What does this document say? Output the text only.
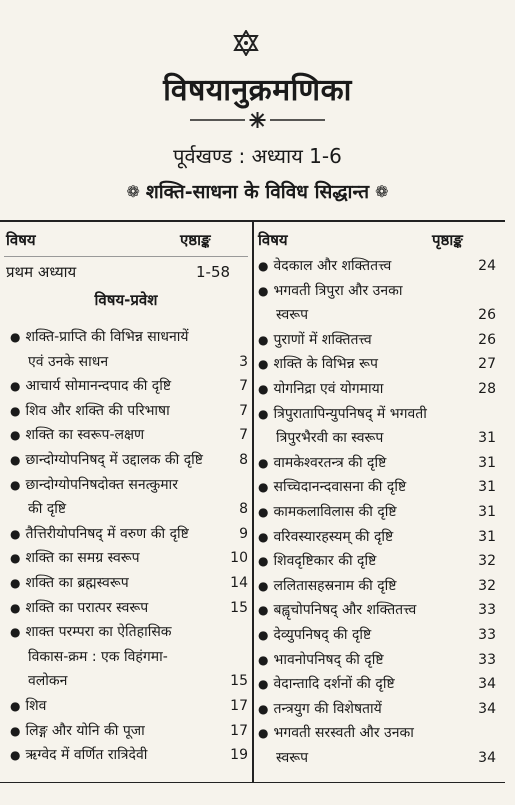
विषयानुक्रमणिका
पूर्वखण्ड : अध्याय 1-6
❁ शक्ति-साधना के विविध सिद्धान्त ❁
विषय	एष्ठाङ्क	विषय	पृष्ठाङ्क
प्रथम अध्याय	1-58
विषय-प्रवेश
● शक्ति-प्राप्ति की विभिन्न साधनायें
एवं उनके साधन	3
● आचार्य सोमानन्दपाद की दृष्टि	7
● शिव और शक्ति की परिभाषा	7
● शक्ति का स्वरूप-लक्षण	7
● छान्दोग्योपनिषद् में उद्दालक की दृष्टि	8
● छान्दोग्योपनिषदोक्त सनत्कुमार
की दृष्टि	8
● तैत्तिरीयोपनिषद् में वरुण की दृष्टि	9
● शक्ति का समग्र स्वरूप	10
● शक्ति का ब्रह्मस्वरूप	14
● शक्ति का परात्पर स्वरूप	15
● शाक्त परम्परा का ऐतिहासिक
विकास-क्रम : एक विहंगमा-
वलोकन	15
● शिव	17
● लिङ्ग और योनि की पूजा	17
● ऋग्वेद में वर्णित रात्रिदेवी	19
● वेदकाल और शक्तितत्त्व	24
● भगवती त्रिपुरा और उनका
स्वरूप	26
● पुराणों में शक्तितत्त्व	26
● शक्ति के विभिन्न रूप	27
● योगनिद्रा एवं योगमाया	28
● त्रिपुरातापिन्युपनिषद् में भगवती
त्रिपुरभैरवी का स्वरूप	31
● वामकेश्वरतन्त्र की दृष्टि	31
● सच्चिदानन्दवासना की दृष्टि	31
● कामकलाविलास की दृष्टि	31
● वरिवस्यारहस्यम् की दृष्टि	31
● शिवदृष्टिकार की दृष्टि	32
● ललितासहस्रनाम की दृष्टि	32
● बह्वृचोपनिषद् और शक्तितत्त्व	33
● देव्युपनिषद् की दृष्टि	33
● भावनोपनिषद् की दृष्टि	33
● वेदान्तादि दर्शनों की दृष्टि	34
● तन्त्रयुग की विशेषतायें	34
● भगवती सरस्वती और उनका
स्वरूप	34
